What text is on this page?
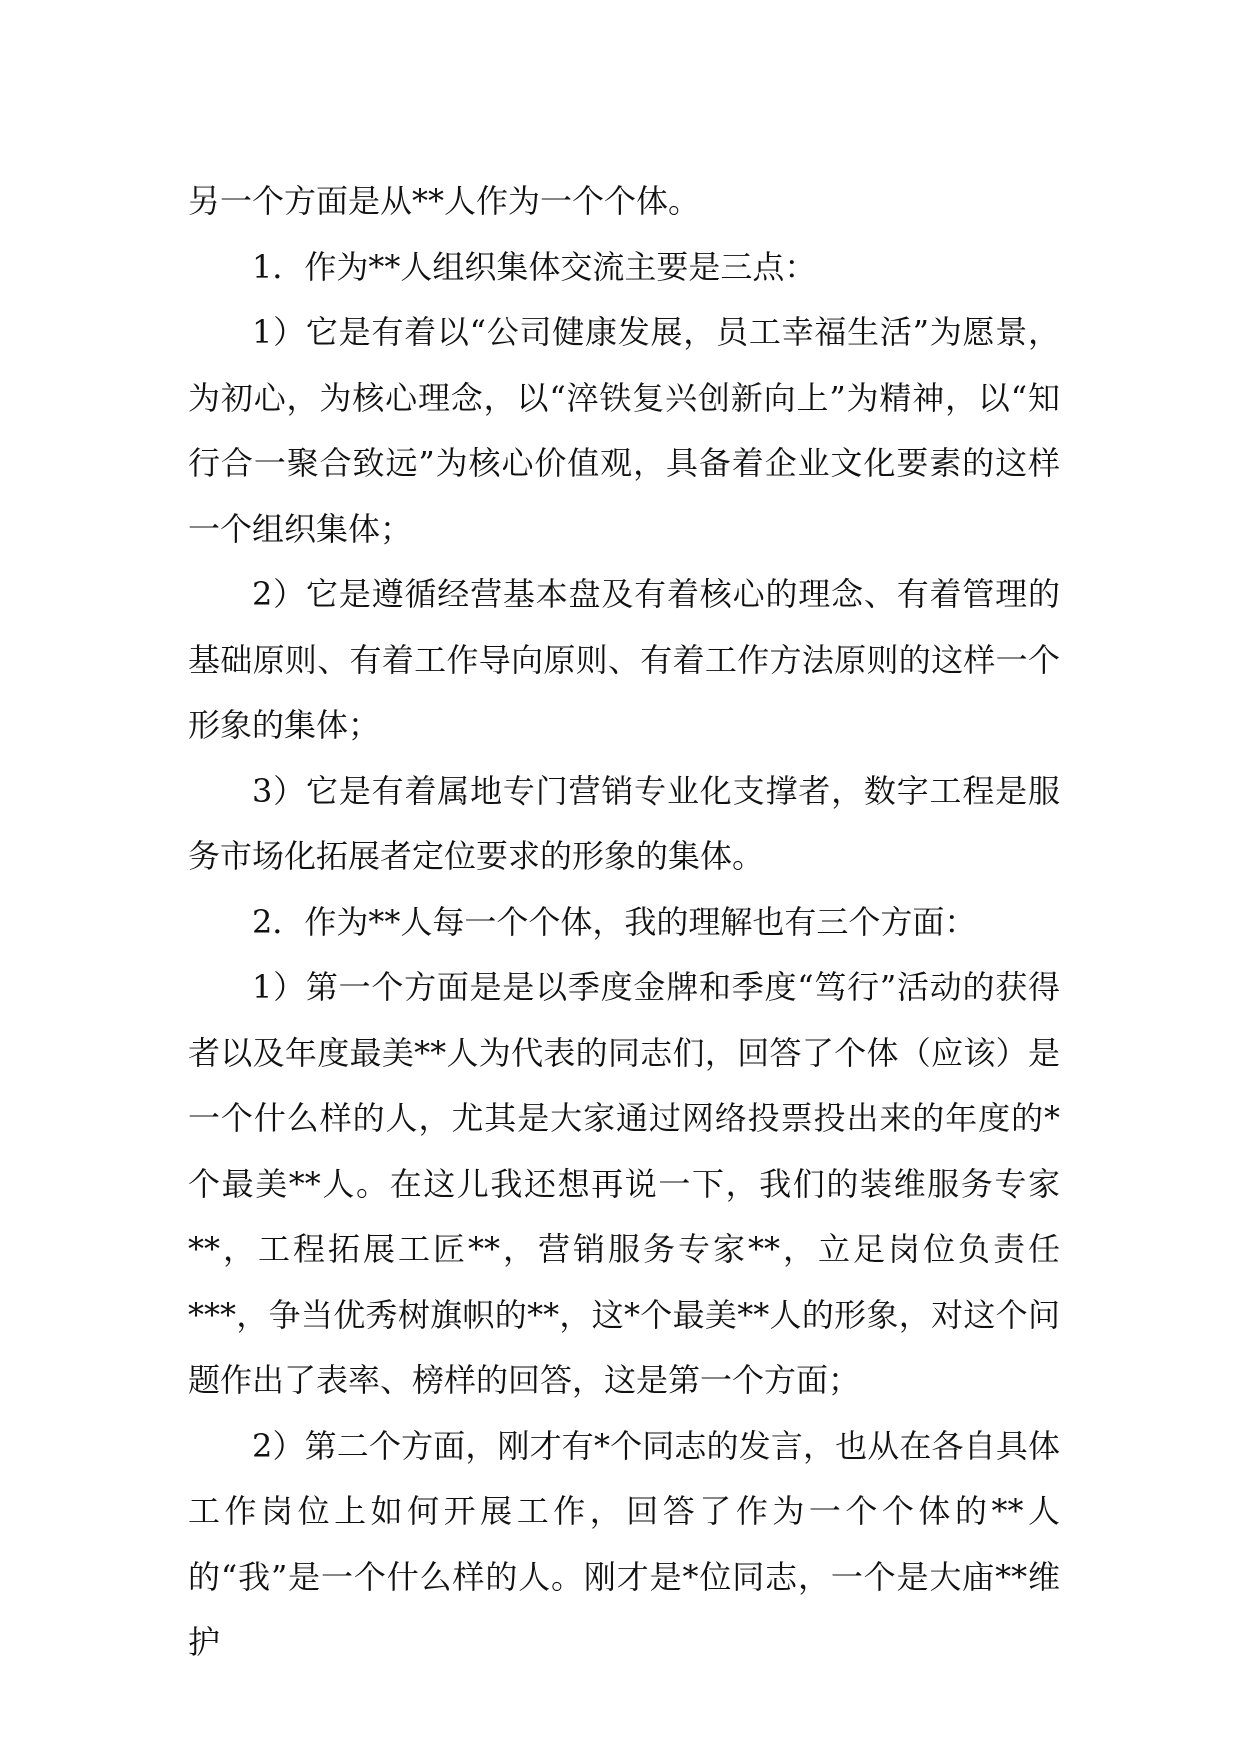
另一个方面是从**人作为一个个体。

1．作为**人组织集体交流主要是三点：

1）它是有着以“公司健康发展，员工幸福生活”为愿景，为初心，为核心理念，以“淬铁复兴创新向上”为精神，以“知行合一聚合致远”为核心价值观，具备着企业文化要素的这样一个组织集体；

2）它是遵循经营基本盘及有着核心的理念、有着管理的基础原则、有着工作导向原则、有着工作方法原则的这样一个形象的集体；

3）它是有着属地专门营销专业化支撑者，数字工程是服务市场化拓展者定位要求的形象的集体。

2．作为**人每一个个体，我的理解也有三个方面：

1）第一个方面是是以季度金牌和季度“笃行”活动的获得者以及年度最美**人为代表的同志们，回答了个体（应该）是一个什么样的人，尤其是大家通过网络投票投出来的年度的*个最美**人。在这儿我还想再说一下，我们的装维服务专家**，工程拓展工匠**，营销服务专家**，立足岗位负责任***，争当优秀树旗帜的**，这*个最美**人的形象，对这个问题作出了表率、榜样的回答，这是第一个方面；

2）第二个方面，刚才有*个同志的发言，也从在各自具体工作岗位上如何开展工作，回答了作为一个个体的**人的“我”是一个什么样的人。刚才是*位同志，一个是大庙**维护
